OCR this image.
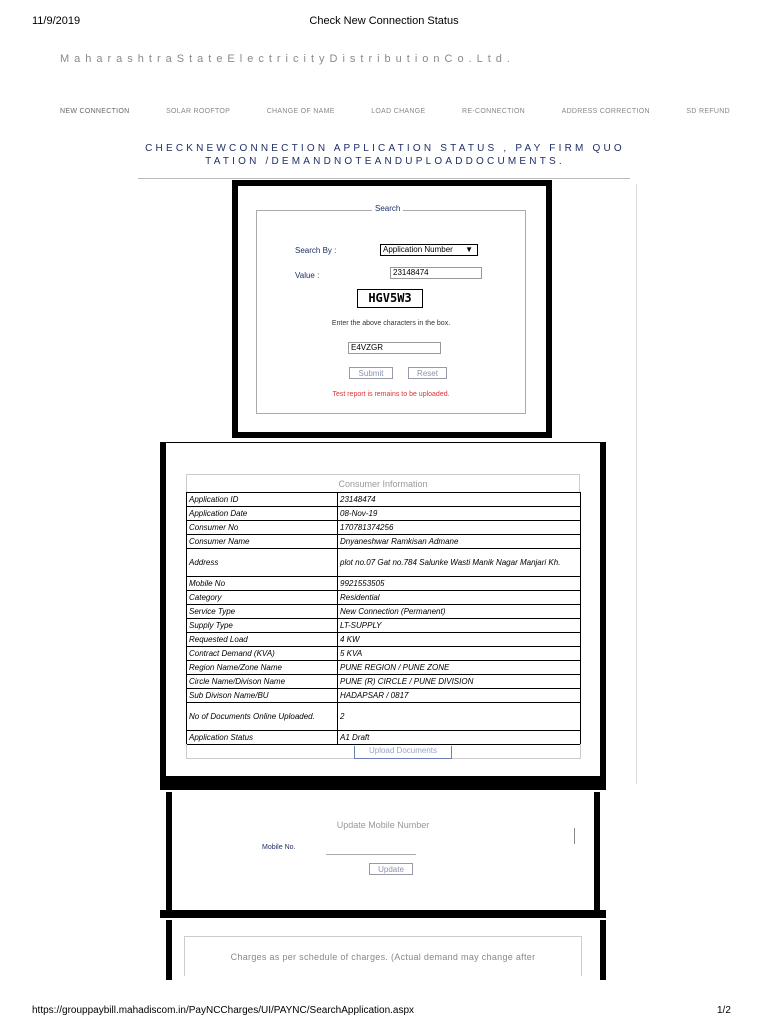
11/9/2019	Check New Connection Status
MaharashtraStateElectricityDistributionCo.Ltd.
NEW CONNECTION	SOLAR ROOFTOP	CHANGE OF NAME	LOAD CHANGE	RE-CONNECTION	ADDRESS CORRECTION	SD REFUND
CHECKNEWCONNECTION APPLICATION STATUS , PAY FIRM QUO
TATION /DEMANDNOTEANDUPLOADDOCUMENTS.
Search
Search By :	Application Number ▼
Value :	23148474
HGV5W3
Enter the above characters in the box.
E4VZGR
Submit	Reset
Test report is remains to be uploaded.
Consumer Information
Application ID	23148474
Application Date	08-Nov-19
Consumer No	170781374256
Consumer Name	Dnyaneshwar Ramkisan Admane
Address	plot no.07 Gat no.784 Salunke Wasti Manik Nagar Manjari Kh.
Mobile No	9921553505
Category	Residential
Service Type	New Connection (Permanent)
Supply Type	LT-SUPPLY
Requested Load	4 KW
Contract Demand (KVA)	5 KVA
Region Name/Zone Name	PUNE REGION / PUNE ZONE
Circle Name/Divison Name	PUNE (R) CIRCLE / PUNE DIVISION
Sub Divison Name/BU	HADAPSAR / 0817
No of Documents Online Uploaded.	2
Application Status	A1 Draft
Upload Documents
Update Mobile Number
Mobile No.
Update
Charges as per schedule of charges. (Actual demand may change after
https://grouppaybill.mahadiscom.in/PayNCCharges/UI/PAYNC/SearchApplication.aspx	1/2
